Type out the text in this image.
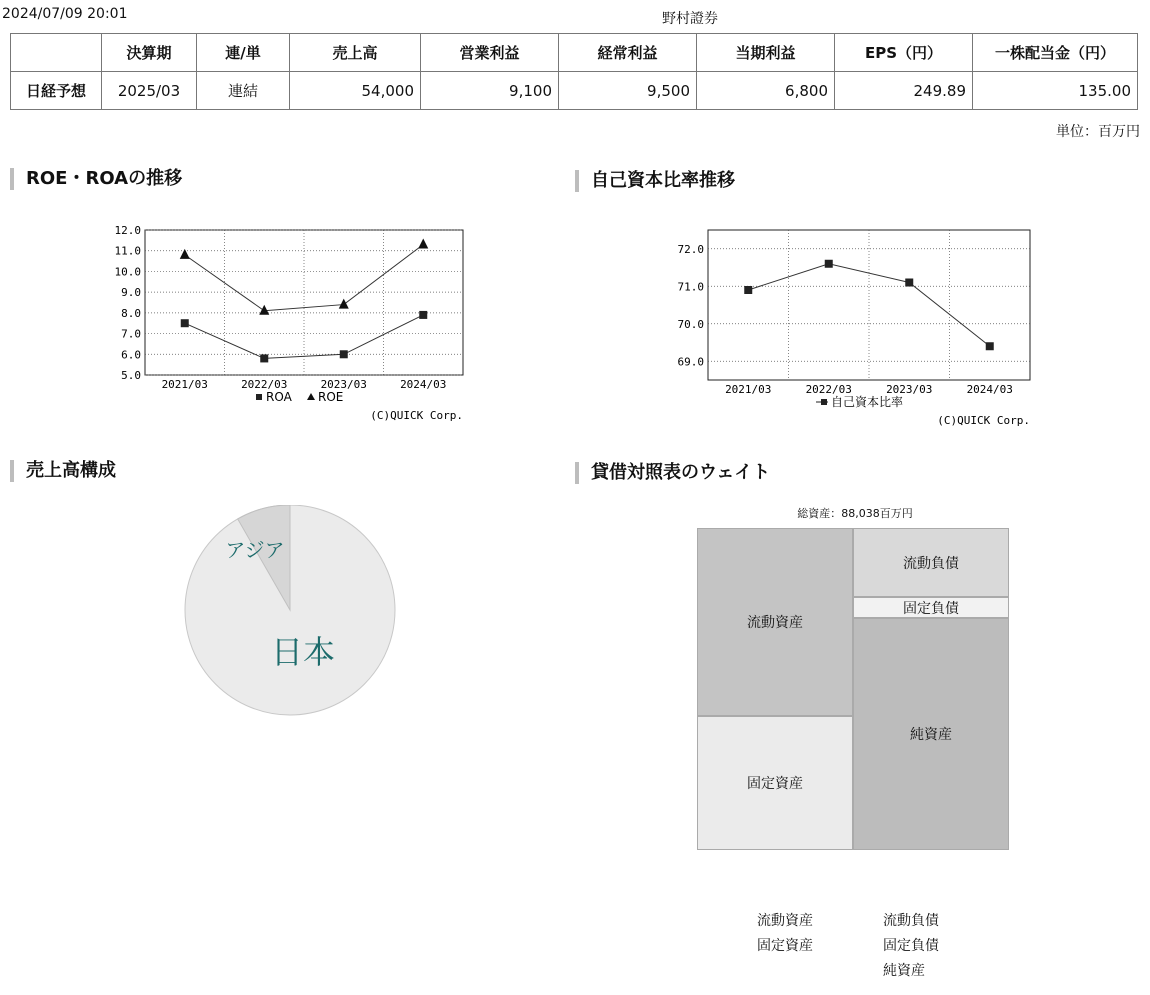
2024/07/09 20:01	野村證券
	決算期	連/単	売上高	営業利益	経常利益	当期利益	EPS（円）	一株配当金（円）
日経予想	2025/03	連結	54,000	9,100	9,500	6,800	249.89	135.00
単位：百万円
ROE・ROAの推移	自己資本比率推移
売上高構成	貸借対照表のウェイト
5.0
6.0
7.0
8.0
9.0
10.0
11.0
12.0
2021/03	2022/03	2023/03	2024/03
ROA ROE
(C)QUICK Corp.
69.0
70.0
71.0
72.0
2021/03	2022/03	2023/03	2024/03
自己資本比率
(C)QUICK Corp.
アジア
日本
総資産：88,038百万円
流動資産
固定資産
流動負債
固定負債
純資産
流動資産
固定資産
流動負債
固定負債
純資産
